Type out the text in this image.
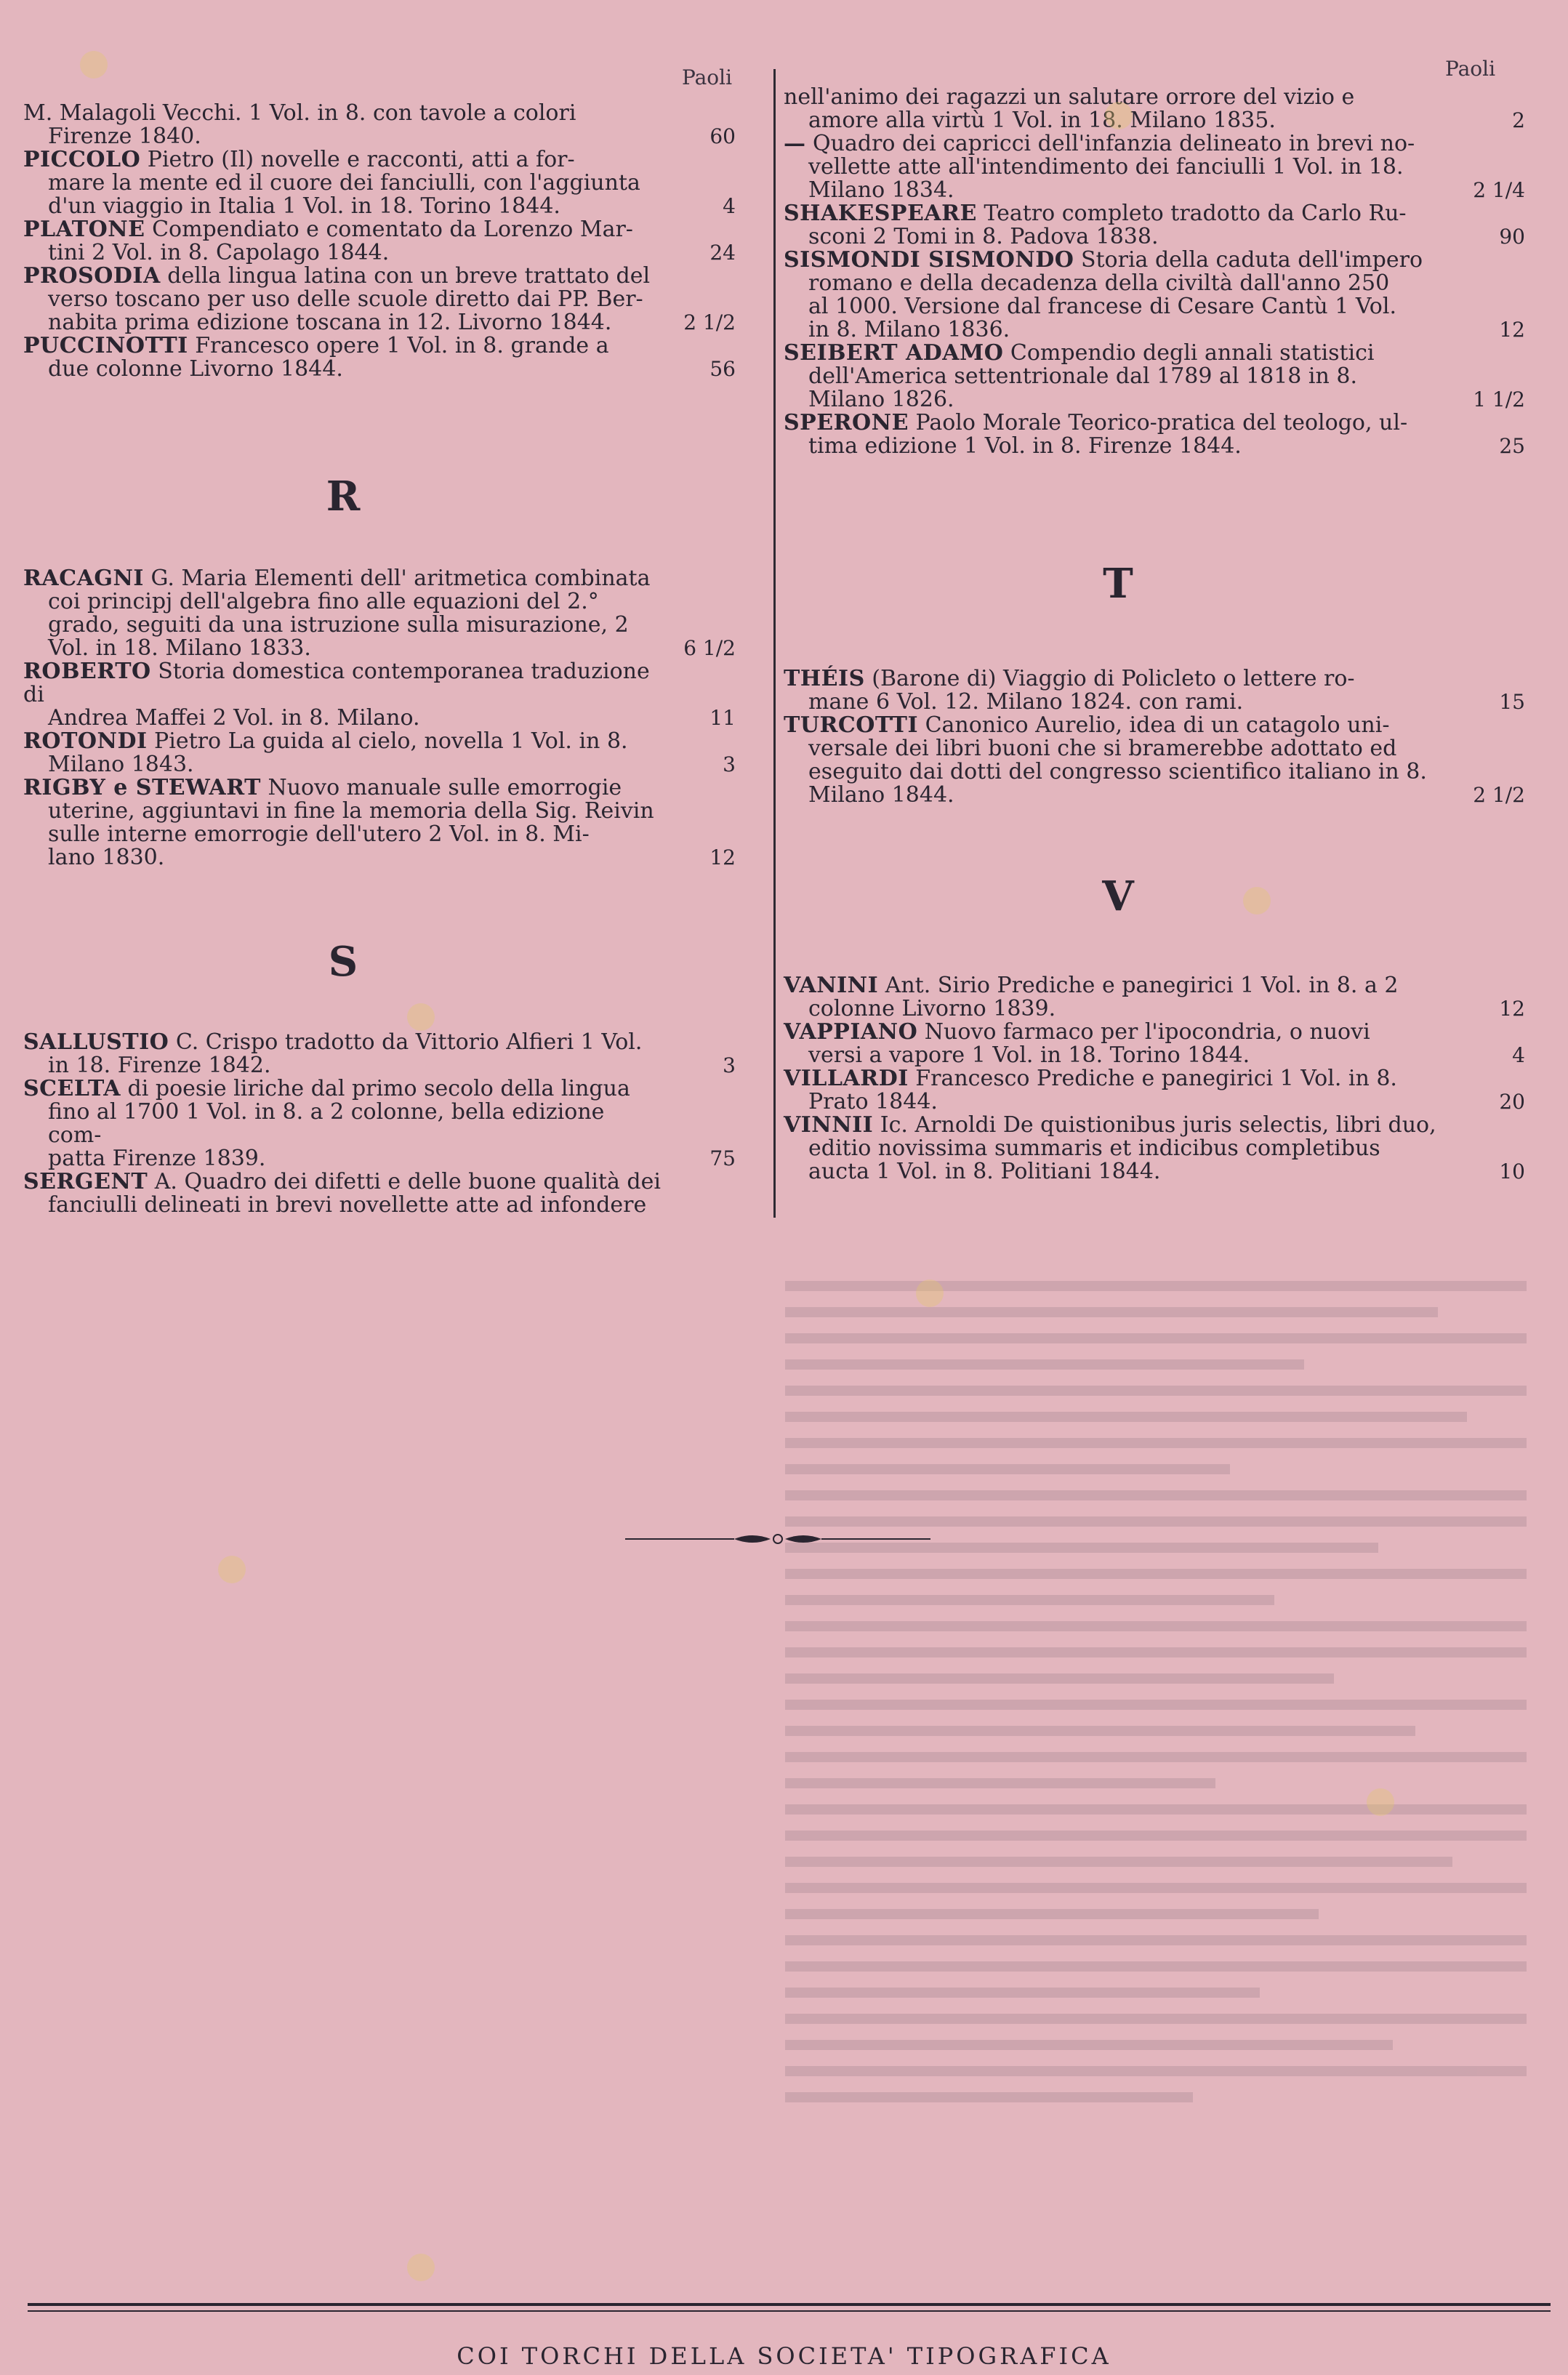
Paoli	Paoli
M. Malagoli Vecchi. 1 Vol. in 8. con tavole a colori
Firenze 1840.	60
PICCOLO Pietro (Il) novelle e racconti, atti a for-
mare la mente ed il cuore dei fanciulli, con l'aggiunta
d'un viaggio in Italia 1 Vol. in 18. Torino 1844.	4
PLATONE Compendiato e comentato da Lorenzo Mar-
tini 2 Vol. in 8. Capolago 1844.	24
PROSODIA della lingua latina con un breve trattato del
verso toscano per uso delle scuole diretto dai PP. Ber-
nabita prima edizione toscana in 12. Livorno 1844.	2 1/2
PUCCINOTTI Francesco opere 1 Vol. in 8. grande a
due colonne Livorno 1844.	56
R
RACAGNI G. Maria Elementi dell' aritmetica combinata
coi principj dell'algebra fino alle equazioni del 2.°
grado, seguiti da una istruzione sulla misurazione, 2
Vol. in 18. Milano 1833.	6 1/2
ROBERTO Storia domestica contemporanea traduzione di
Andrea Maffei 2 Vol. in 8. Milano.	11
ROTONDI Pietro La guida al cielo, novella 1 Vol. in 8.
Milano 1843.	3
RIGBY e STEWART Nuovo manuale sulle emorrogie
uterine, aggiuntavi in fine la memoria della Sig. Reivin
sulle interne emorrogie dell'utero 2 Vol. in 8. Mi-
lano 1830.	12
S
SALLUSTIO C. Crispo tradotto da Vittorio Alfieri 1 Vol.
in 18. Firenze 1842.	3
SCELTA di poesie liriche dal primo secolo della lingua
fino al 1700 1 Vol. in 8. a 2 colonne, bella edizione com-
patta Firenze 1839.	75
SERGENT A. Quadro dei difetti e delle buone qualità dei
fanciulli delineati in brevi novellette atte ad infondere
nell'animo dei ragazzi un salutare orrore del vizio e
amore alla virtù 1 Vol. in 18. Milano 1835.	2
— Quadro dei capricci dell'infanzia delineato in brevi no-
vellette atte all'intendimento dei fanciulli 1 Vol. in 18.
Milano 1834.	2 1/4
SHAKESPEARE Teatro completo tradotto da Carlo Ru-
sconi 2 Tomi in 8. Padova 1838.	90
SISMONDI SISMONDO Storia della caduta dell'impero
romano e della decadenza della civiltà dall'anno 250
al 1000. Versione dal francese di Cesare Cantù 1 Vol.
in 8. Milano 1836.	12
SEIBERT ADAMO Compendio degli annali statistici
dell'America settentrionale dal 1789 al 1818 in 8.
Milano 1826.	1 1/2
SPERONE Paolo Morale Teorico-pratica del teologo, ul-
tima edizione 1 Vol. in 8. Firenze 1844.	25
T
THÉIS (Barone di) Viaggio di Policleto o lettere ro-
mane 6 Vol. 12. Milano 1824. con rami.	15
TURCOTTI Canonico Aurelio, idea di un catagolo uni-
versale dei libri buoni che si bramerebbe adottato ed
eseguito dai dotti del congresso scientifico italiano in 8.
Milano 1844.	2 1/2
V
VANINI Ant. Sirio Prediche e panegirici 1 Vol. in 8. a 2
colonne Livorno 1839.	12
VAPPIANO Nuovo farmaco per l'ipocondria, o nuovi
versi a vapore 1 Vol. in 18. Torino 1844.	4
VILLARDI Francesco Prediche e panegirici 1 Vol. in 8.
Prato 1844.	20
VINNII Ic. Arnoldi De quistionibus juris selectis, libri duo,
editio novissima summaris et indicibus completibus
aucta 1 Vol. in 8. Politiani 1844.	10
COI TORCHI DELLA SOCIETA' TIPOGRAFICA
